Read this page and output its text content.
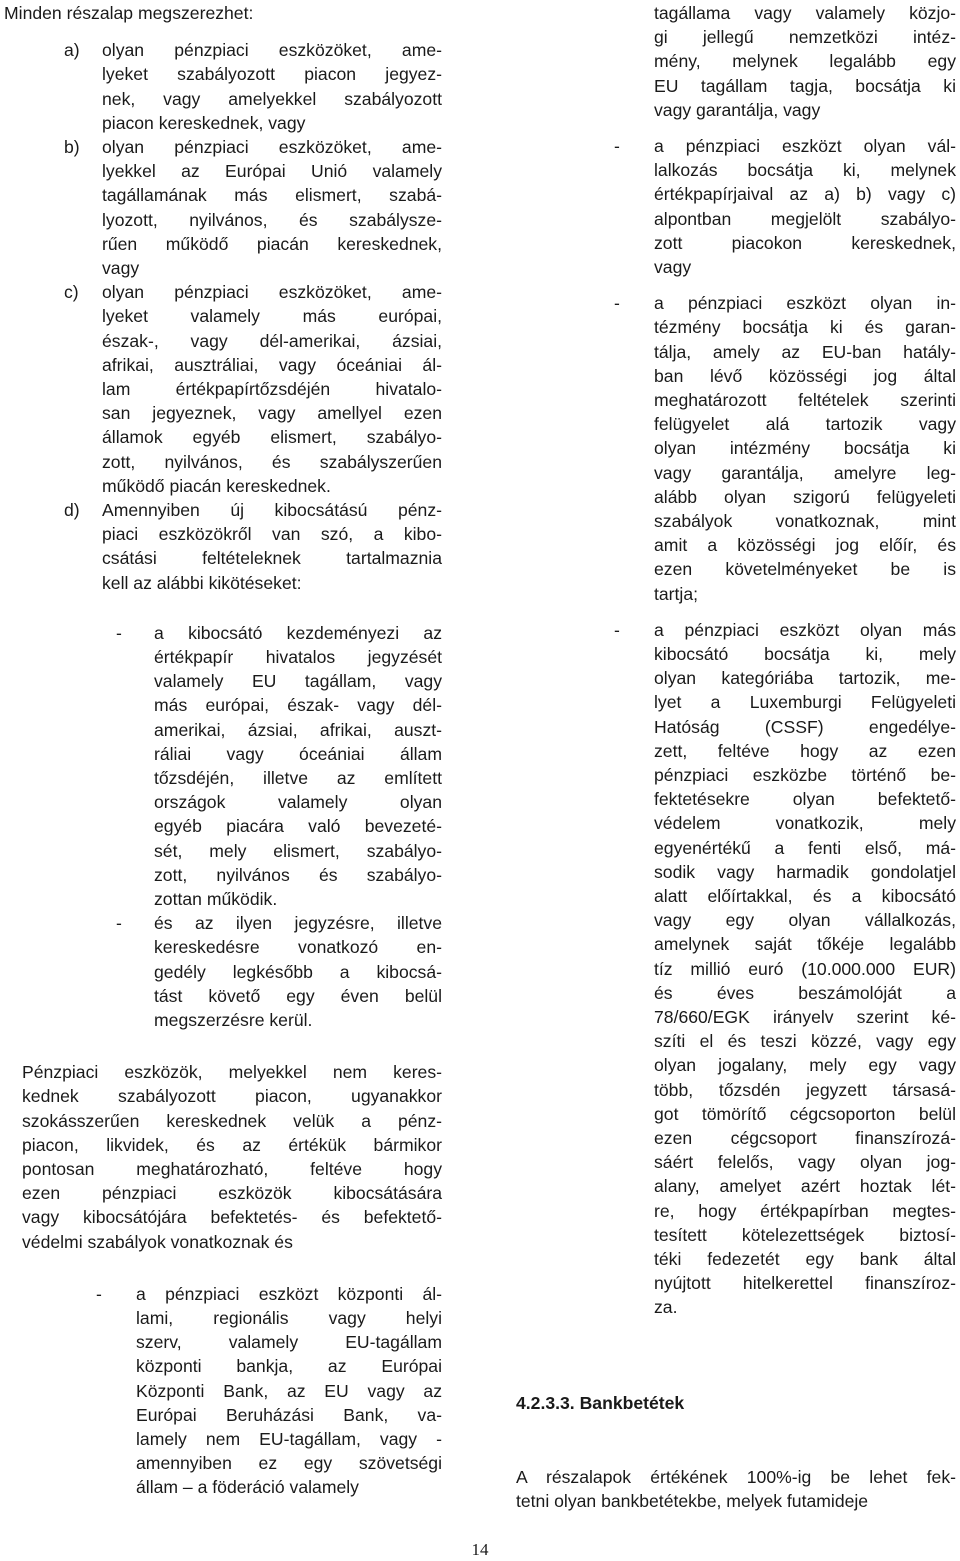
Minden részalap megszerezhet:
a) olyan pénzpiaci eszközöket, ame-
lyeket szabályozott piacon jegyez-
nek, vagy amelyekkel szabályozott
piacon kereskednek, vagy
b) olyan pénzpiaci eszközöket, ame-
lyekkel az Európai Unió valamely
tagállamának más elismert, szabá-
lyozott, nyilvános, és szabálysze-
rűen működő piacán kereskednek,
vagy
c) olyan pénzpiaci eszközöket, ame-
lyeket valamely más európai,
észak-, vagy dél-amerikai, ázsiai,
afrikai, ausztráliai, vagy óceániai ál-
lam értékpapírtőzsdéjén hivatalo-
san jegyeznek, vagy amellyel ezen
államok egyéb elismert, szabályo-
zott, nyilvános, és szabályszerűen
működő piacán kereskednek.
d) Amennyiben új kibocsátású pénz-
piaci eszközökről van szó, a kibo-
csátási feltételeknek tartalmaznia
kell az alábbi kikötéseket:
- a kibocsátó kezdeményezi az
értékpapír hivatalos jegyzését
valamely EU tagállam, vagy
más európai, észak- vagy dél-
amerikai, ázsiai, afrikai, auszt-
ráliai vagy óceániai állam
tőzsdéjén, illetve az említett
országok valamely olyan
egyéb piacára való bevezeté-
sét, mely elismert, szabályo-
zott, nyilvános és szabályo-
zottan működik.
- és az ilyen jegyzésre, illetve
kereskedésre vonatkozó en-
gedély legkésőbb a kibocsá-
tást követő egy éven belül
megszerzésre kerül.
Pénzpiaci eszközök, melyekkel nem keres-
kednek szabályozott piacon, ugyanakkor
szokásszerűen kereskednek velük a pénz-
piacon, likvidek, és az értékük bármikor
pontosan meghatározható, feltéve hogy
ezen pénzpiaci eszközök kibocsátására
vagy kibocsátójára befektetés- és befektető-
védelmi szabályok vonatkoznak és
- a pénzpiaci eszközt központi ál-
lami, regionális vagy helyi
szerv, valamely EU-tagállam
központi bankja, az Európai
Központi Bank, az EU vagy az
Európai Beruházási Bank, va-
lamely nem EU-tagállam, vagy -
amennyiben ez egy szövetségi
állam – a föderáció valamely
tagállama vagy valamely közjo-
gi jellegű nemzetközi intéz-
mény, melynek legalább egy
EU tagállam tagja, bocsátja ki
vagy garantálja, vagy
- a pénzpiaci eszközt olyan vál-
lalkozás bocsátja ki, melynek
értékpapírjaival az a) b) vagy c)
alpontban megjelölt szabályo-
zott piacokon kereskednek,
vagy
- a pénzpiaci eszközt olyan in-
tézmény bocsátja ki és garan-
tálja, amely az EU-ban hatály-
ban lévő közösségi jog által
meghatározott feltételek szerinti
felügyelet alá tartozik vagy
olyan intézmény bocsátja ki
vagy garantálja, amelyre leg-
alább olyan szigorú felügyeleti
szabályok vonatkoznak, mint
amit a közösségi jog előír, és
ezen követelményeket be is
tartja;
- a pénzpiaci eszközt olyan más
kibocsátó bocsátja ki, mely
olyan kategóriába tartozik, me-
lyet a Luxemburgi Felügyeleti
Hatóság (CSSF) engedélye-
zett, feltéve hogy az ezen
pénzpiaci eszközbe történő be-
fektetésekre olyan befektető-
védelem vonatkozik, mely
egyenértékű a fenti első, má-
sodik vagy harmadik gondolatjel
alatt előírtakkal, és a kibocsátó
vagy egy olyan vállalkozás,
amelynek saját tőkéje legalább
tíz millió euró (10.000.000 EUR)
és éves beszámolóját a
78/660/EGK irányelv szerint ké-
szíti el és teszi közzé, vagy egy
olyan jogalany, mely egy vagy
több, tőzsdén jegyzett társasá-
got tömörítő cégcsoporton belül
ezen cégcsoport finanszírozá-
sáért felelős, vagy olyan jog-
alany, amelyet azért hoztak lét-
re, hogy értékpapírban megtes-
tesített kötelezettségek biztosí-
téki fedezetét egy bank által
nyújtott hitelkerettel finanszíroz-
za.
4.2.3.3. Bankbetétek
A részalapok értékének 100%-ig be lehet fek-
tetni olyan bankbetétekbe, melyek futamideje
14
